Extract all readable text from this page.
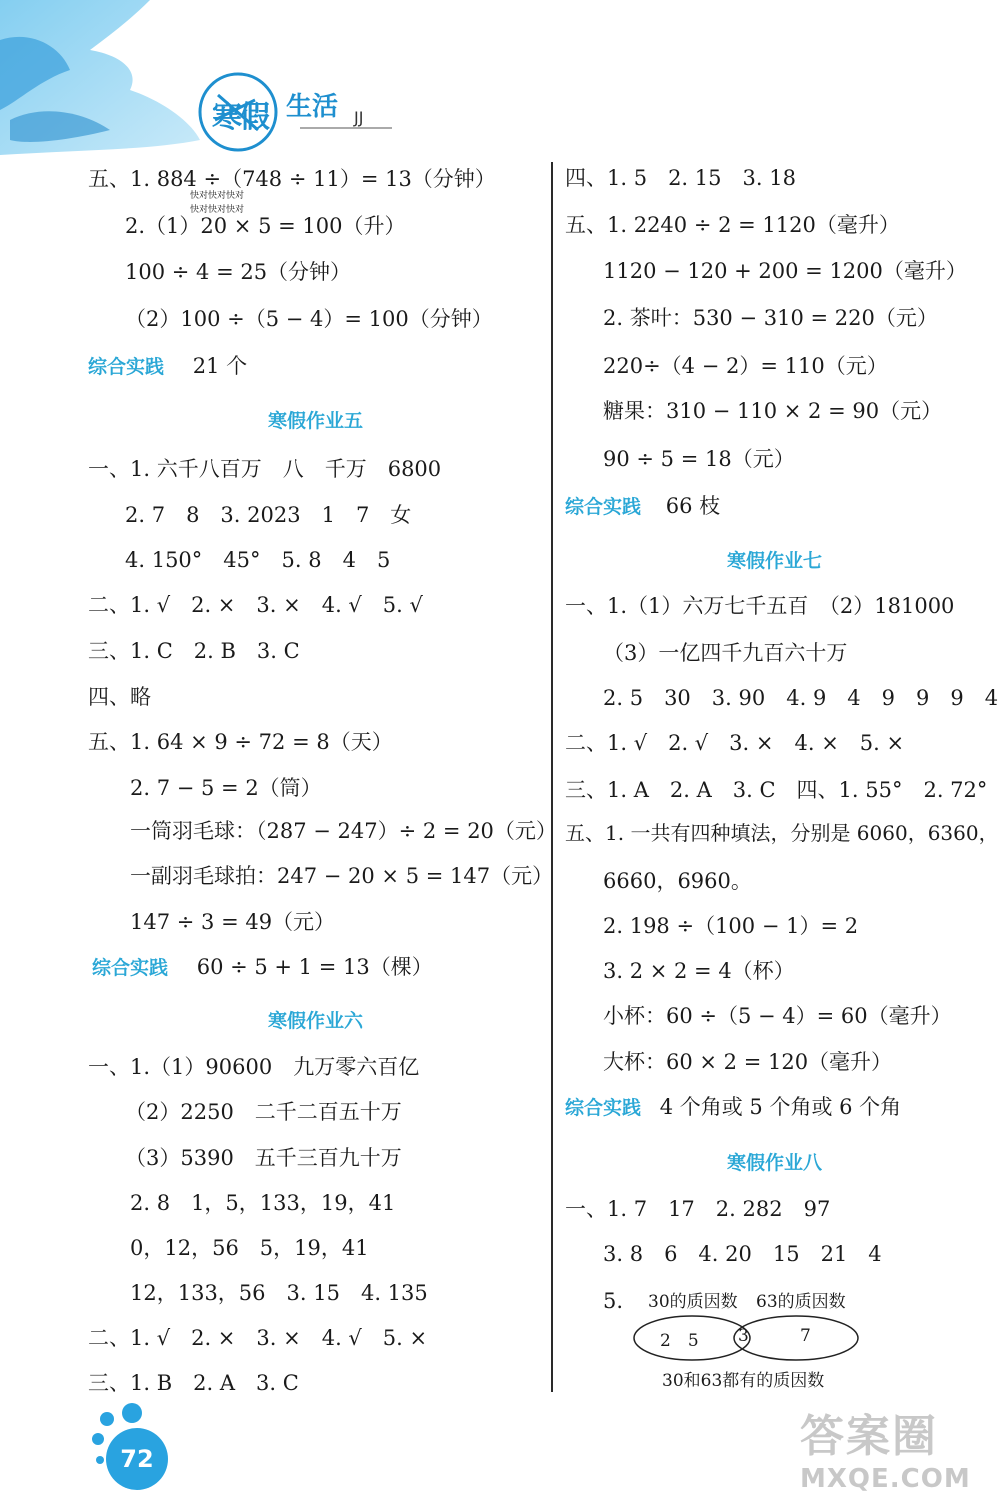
寒假 生活 JJ
快对快对快对
快对快对快对
五、1. 884 ÷（748 ÷ 11）= 13（分钟）
2.（1）20 × 5 = 100（升）
100 ÷ 4 = 25（分钟）
（2）100 ÷（5 − 4）= 100（分钟）
综合实践 21 个
寒假作业五
一、1. 六千八百万　八　千万　6800
2. 7　8　3. 2023　1　7　女
4. 150°　45°　5. 8　4　5
二、1. √　2. ×　3. ×　4. √　5. √
三、1. C　2. B　3. C
四、略
五、1. 64 × 9 ÷ 72 = 8（天）
2. 7 − 5 = 2（筒）
一筒羽毛球：（287 − 247）÷ 2 = 20（元）
一副羽毛球拍：247 − 20 × 5 = 147（元）
147 ÷ 3 = 49（元）
综合实践 60 ÷ 5 + 1 = 13（棵）
寒假作业六
一、1.（1）90600　九万零六百亿
（2）2250　二千二百五十万
（3）5390　五千三百九十万
2. 8　1，5，133，19，41
0，12，56　5，19，41
12，133，56　3. 15　4. 135
二、1. √　2. ×　3. ×　4. √　5. ×
三、1. B　2. A　3. C
四、1. 5　2. 15　3. 18
五、1. 2240 ÷ 2 = 1120（毫升）
1120 − 120 + 200 = 1200（毫升）
2. 茶叶：530 − 310 = 220（元）
220÷（4 − 2）= 110（元）
糖果：310 − 110 × 2 = 90（元）
90 ÷ 5 = 18（元）
综合实践 66 枝
寒假作业七
一、1.（1）六万七千五百　（2）181000
（3）一亿四千九百六十万
2. 5　30　3. 90　4. 9　4　9　9　9　4
二、1. √　2. √　3. ×　4. ×　5. ×
三、1. A　2. A　3. C　四、1. 55°　2. 72°
五、1. 一共有四种填法，分别是 6060，6360，
6660，6960。
2. 198 ÷（100 − 1）= 2
3. 2 × 2 = 4（杯）
小杯：60 ÷（5 − 4）= 60（毫升）
大杯：60 × 2 = 120（毫升）
综合实践 4 个角或 5 个角或 6 个角
寒假作业八
一、1. 7　17　2. 282　97
3. 8　6　4. 20　15　21　4
5. 30的质因数 63的质因数
2　5 3	7
30和63都有的质因数
72	答案圈
MXQE.COM
